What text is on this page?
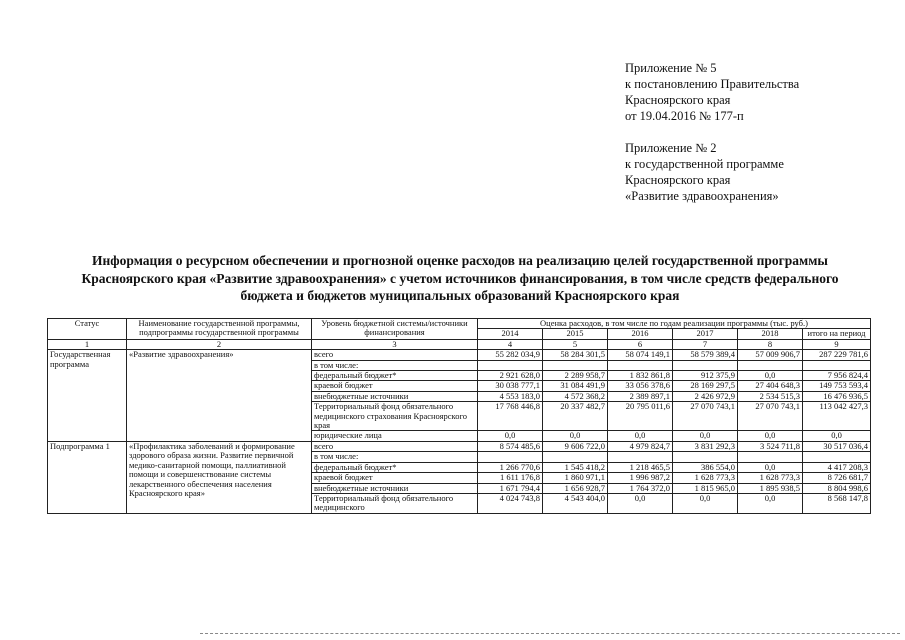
Приложение № 5
к постановлению Правительства
Красноярского края
от 19.04.2016 № 177-п
Приложение № 2
к государственной программе
Красноярского края
«Развитие здравоохранения»
Информация о ресурсном обеспечении и прогнозной оценке расходов на реализацию целей государственной программы Красноярского края «Развитие здравоохранения» с учетом источников финансирования, в том числе средств федерального бюджета и бюджетов муниципальных образований Красноярского края
Статус	Наименование государственной программы, подпрограммы государственной программы	Уровень бюджетной системы/источники финансирования	Оценка расходов, в том числе по годам реализации программы (тыс. руб.)					
			2014	2015	2016	2017	2018	итого на период
1	2	3	4	5	6	7	8	9
Государственная программа	«Развитие здравоохранения»	всего	55 282 034,9	58 284 301,5	58 074 149,1	58 579 389,4	57 009 906,7	287 229 781,6
		в том числе:						
		федеральный бюджет*	2 921 628,0	2 289 958,7	1 832 861,8	912 375,9	0,0	7 956 824,4
		краевой бюджет	30 038 777,1	31 084 491,9	33 056 378,6	28 169 297,5	27 404 648,3	149 753 593,4
		внебюджетные источники	4 553 183,0	4 572 368,2	2 389 897,1	2 426 972,9	2 534 515,3	16 476 936,5
		Территориальный фонд обязательного медицинского страхования Красноярского края	17 768 446,8	20 337 482,7	20 795 011,6	27 070 743,1	27 070 743,1	113 042 427,3
		юридические лица	0,0	0,0	0,0	0,0	0,0	0,0
Подпрограмма 1	«Профилактика заболеваний и формирование здорового образа жизни. Развитие первичной медико-санитарной помощи, паллиативной помощи и совершенствование системы лекарственного обеспечения населения Красноярского края»	всего	8 574 485,6	9 606 722,0	4 979 824,7	3 831 292,3	3 524 711,8	30 517 036,4
		в том числе:						
		федеральный бюджет*	1 266 770,6	1 545 418,2	1 218 465,5	386 554,0	0,0	4 417 208,3
		краевой бюджет	1 611 176,8	1 860 971,1	1 996 987,2	1 628 773,3	1 628 773,3	8 726 681,7
		внебюджетные источники	1 671 794,4	1 656 928,7	1 764 372,0	1 815 965,0	1 895 938,5	8 804 998,6
		Территориальный фонд обязательного медицинского	4 024 743,8	4 543 404,0	0,0	0,0	0,0	8 568 147,8
